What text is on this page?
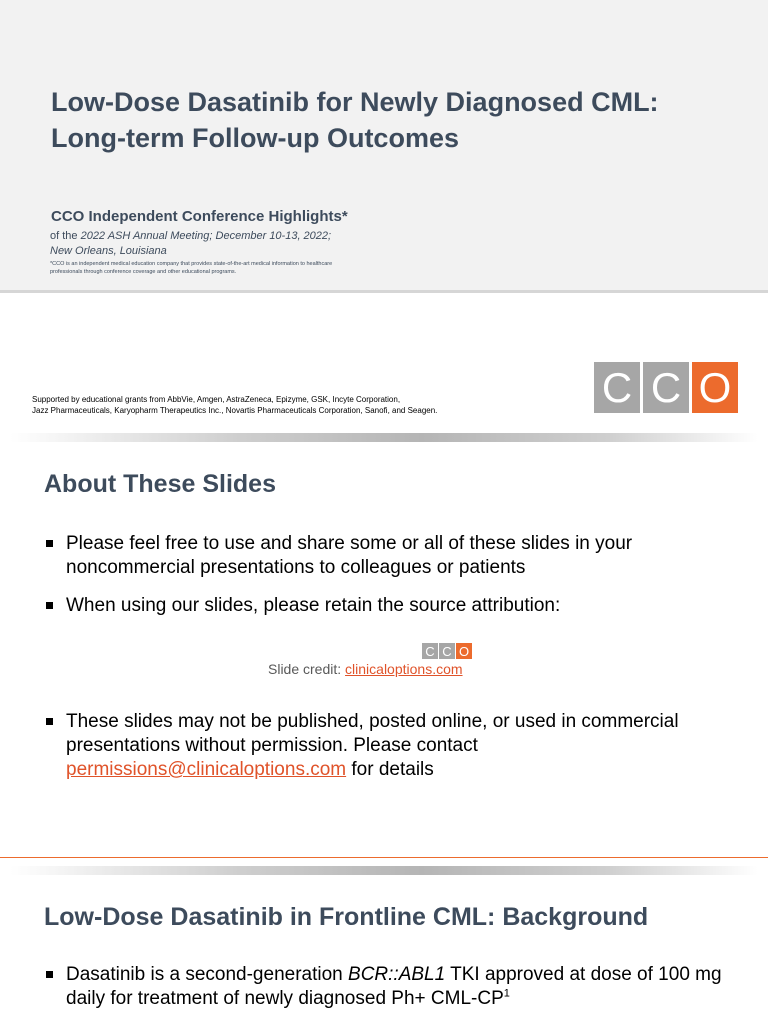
Low-Dose Dasatinib for Newly Diagnosed CML:
Long-term Follow-up Outcomes
CCO Independent Conference Highlights*
of the 2022 ASH Annual Meeting; December 10-13, 2022;
New Orleans, Louisiana
*CCO is an independent medical education company that provides state-of-the-art medical information to healthcare professionals through conference coverage and other educational programs.
Supported by educational grants from AbbVie, Amgen, AstraZeneca, Epizyme, GSK, Incyte Corporation,
Jazz Pharmaceuticals, Karyopharm Therapeutics Inc., Novartis Pharmaceuticals Corporation, Sanofi, and Seagen.	C C O
About These Slides
Please feel free to use and share some or all of these slides in your noncommercial presentations to colleagues or patients
When using our slides, please retain the source attribution:
C C O
Slide credit: clinicaloptions.com
These slides may not be published, posted online, or used in commercial presentations without permission. Please contact permissions@clinicaloptions.com for details
Low-Dose Dasatinib in Frontline CML: Background
Dasatinib is a second-generation BCR::ABL1 TKI approved at dose of 100 mg daily for treatment of newly diagnosed Ph+ CML-$CP^1$
